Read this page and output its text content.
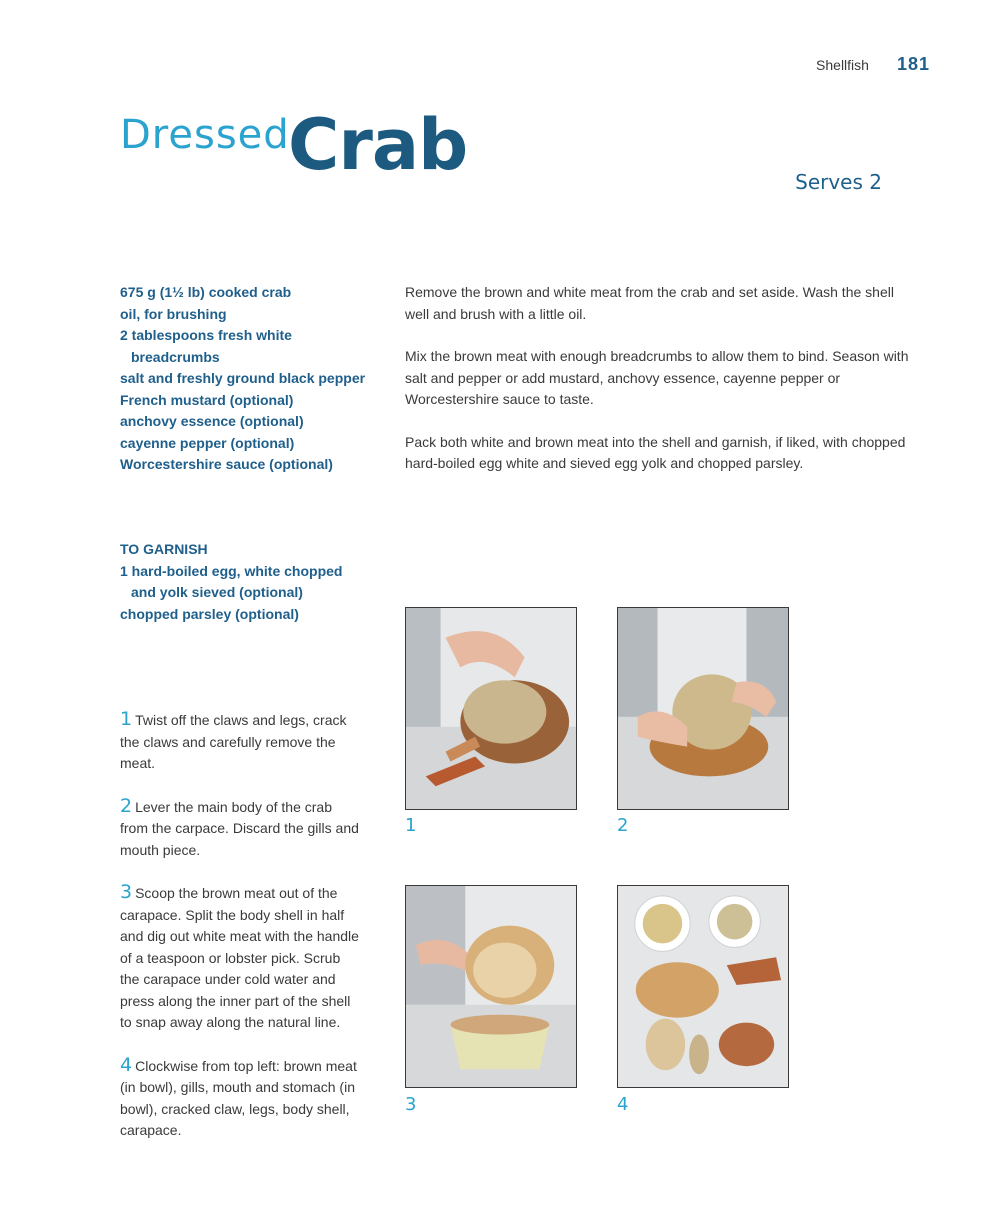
Shellfish 181
Dressed
Crab	Serves 2
675 g (1½ lb) cooked crab
oil, for brushing
2 tablespoons fresh white breadcrumbs
salt and freshly ground black pepper
French mustard (optional)
anchovy essence (optional)
cayenne pepper (optional)
Worcestershire sauce (optional)
TO GARNISH
1 hard-boiled egg, white chopped and yolk sieved (optional)
chopped parsley (optional)

Remove the brown and white meat from the crab and set aside. Wash the shell well and brush with a little oil.

Mix the brown meat with enough breadcrumbs to allow them to bind. Season with salt and pepper or add mustard, anchovy essence, cayenne pepper or Worcestershire sauce to taste.

Pack both white and brown meat into the shell and garnish, if liked, with chopped hard-boiled egg white and sieved egg yolk and chopped parsley.

1 Twist off the claws and legs, crack the claws and carefully remove the meat.

2 Lever the main body of the crab from the carpace. Discard the gills and mouth piece.

3 Scoop the brown meat out of the carapace. Split the body shell in half and dig out white meat with the handle of a teaspoon or lobster pick. Scrub the carapace under cold water and press along the inner part of the shell to snap away along the natural line.

4 Clockwise from top left: brown meat (in bowl), gills, mouth and stomach (in bowl), cracked claw, legs, body shell, carapace.

1	2
3	4
